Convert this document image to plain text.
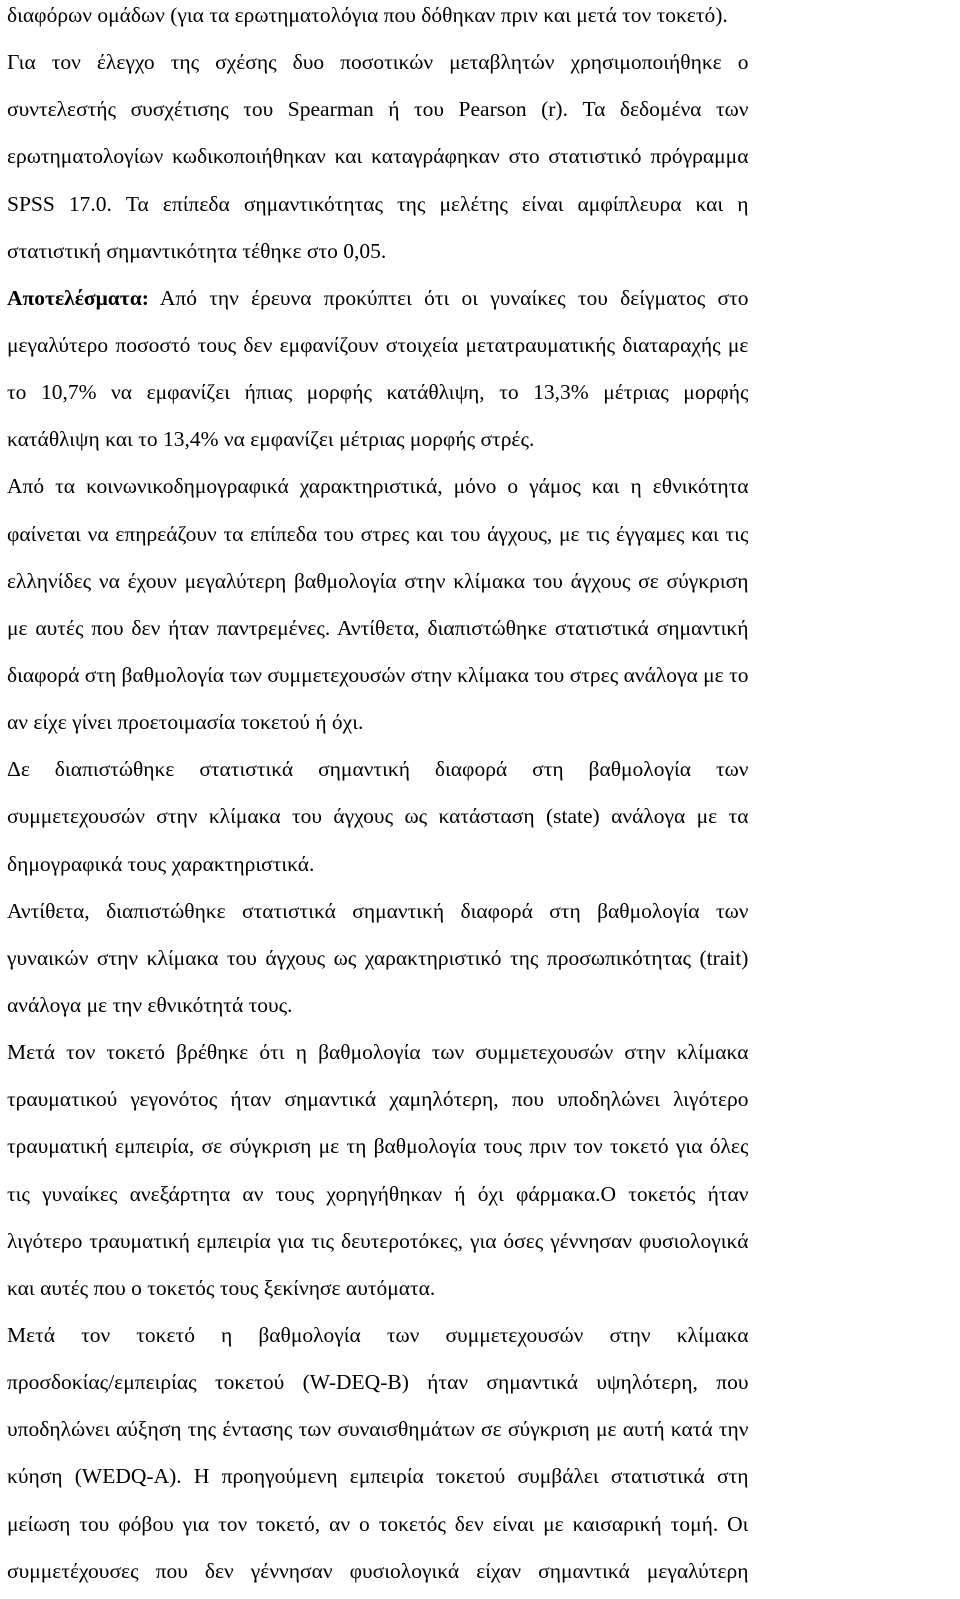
διαφόρων ομάδων (για τα ερωτηματολόγια που δόθηκαν πριν και μετά τον τοκετό).
Για τον έλεγχο της σχέσης δυο ποσοτικών μεταβλητών χρησιμοποιήθηκε ο
συντελεστής συσχέτισης του Spearman ή του Pearson (r). Τα δεδομένα των
ερωτηματολογίων κωδικοποιήθηκαν και καταγράφηκαν στο στατιστικό πρόγραμμα
SPSS 17.0. Τα επίπεδα σημαντικότητας της μελέτης είναι αμφίπλευρα και η
στατιστική σημαντικότητα τέθηκε στο 0,05.
Αποτελέσματα: Από την έρευνα προκύπτει ότι οι γυναίκες του δείγματος στο
μεγαλύτερο ποσοστό τους δεν εμφανίζουν στοιχεία μετατραυματικής διαταραχής με
το 10,7% να εμφανίζει ήπιας μορφής κατάθλιψη, το 13,3% μέτριας μορφής
κατάθλιψη και το 13,4% να εμφανίζει μέτριας μορφής στρές.
Από τα κοινωνικοδημογραφικά χαρακτηριστικά, μόνο ο γάμος και η εθνικότητα
φαίνεται να επηρεάζουν τα επίπεδα του στρες και του άγχους, με τις έγγαμες και τις
ελληνίδες να έχουν μεγαλύτερη βαθμολογία στην κλίμακα του άγχους σε σύγκριση
με αυτές που δεν ήταν παντρεμένες. Αντίθετα, διαπιστώθηκε στατιστικά σημαντική
διαφορά στη βαθμολογία των συμμετεχουσών στην κλίμακα του στρες ανάλογα με το
αν είχε γίνει προετοιμασία τοκετού ή όχι.
Δε διαπιστώθηκε στατιστικά σημαντική διαφορά στη βαθμολογία των
συμμετεχουσών στην κλίμακα του άγχους ως κατάσταση (state) ανάλογα με τα
δημογραφικά τους χαρακτηριστικά.
Αντίθετα, διαπιστώθηκε στατιστικά σημαντική διαφορά στη βαθμολογία των
γυναικών στην κλίμακα του άγχους ως χαρακτηριστικό της προσωπικότητας (trait)
ανάλογα με την εθνικότητά τους.
Μετά τον τοκετό βρέθηκε ότι η βαθμολογία των συμμετεχουσών στην κλίμακα
τραυματικού γεγονότος ήταν σημαντικά χαμηλότερη, που υποδηλώνει λιγότερο
τραυματική εμπειρία, σε σύγκριση με τη βαθμολογία τους πριν τον τοκετό για όλες
τις γυναίκες ανεξάρτητα αν τους χορηγήθηκαν ή όχι φάρμακα.Ο τοκετός ήταν
λιγότερο τραυματική εμπειρία για τις δευτεροτόκες, για όσες γέννησαν φυσιολογικά
και αυτές που ο τοκετός τους ξεκίνησε αυτόματα.
Μετά τον τοκετό η βαθμολογία των συμμετεχουσών στην κλίμακα
προσδοκίας/εμπειρίας τοκετού (W-DEQ-B) ήταν σημαντικά υψηλότερη, που
υποδηλώνει αύξηση της έντασης των συναισθημάτων σε σύγκριση με αυτή κατά την
κύηση (WEDQ-A). Η προηγούμενη εμπειρία τοκετού συμβάλει στατιστικά στη
μείωση του φόβου για τον τοκετό, αν ο τοκετός δεν είναι με καισαρική τομή. Οι
συμμετέχουσες που δεν γέννησαν φυσιολογικά είχαν σημαντικά μεγαλύτερη
